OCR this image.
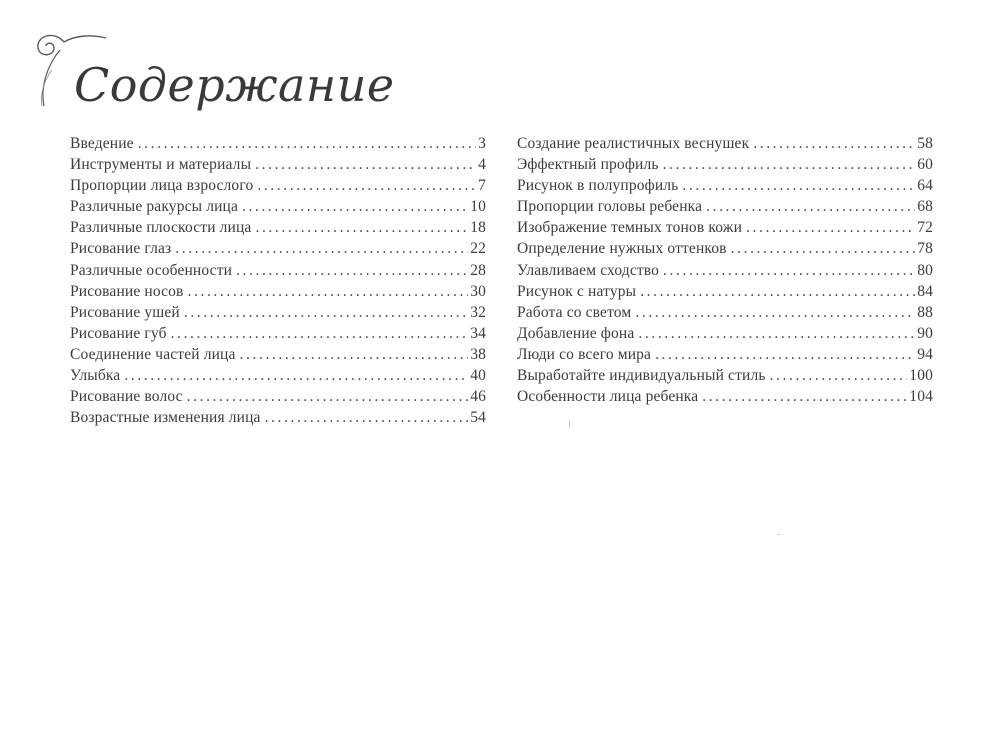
Содержание
Введение .....	3
Инструменты и материалы .....	4
Пропорции лица взрослого .....	7
Различные ракурсы лица .....	10
Различные плоскости лица .....	18
Рисование глаз .....	22
Различные особенности .....	28
Рисование носов .....	30
Рисование ушей .....	32
Рисование губ .....	34
Соединение частей лица .....	38
Улыбка .....	40
Рисование волос .....	46
Возрастные изменения лица .....	54
Создание реалистичных веснушек .....	58
Эффектный профиль .....	60
Рисунок в полупрофиль .....	64
Пропорции головы ребенка .....	68
Изображение темных тонов кожи .....	72
Определение нужных оттенков .....	78
Улавливаем сходство .....	80
Рисунок с натуры .....	84
Работа со светом .....	88
Добавление фона .....	90
Люди со всего мира .....	94
Выработайте индивидуальный стиль .....	100
Особенности лица ребенка .....	104
